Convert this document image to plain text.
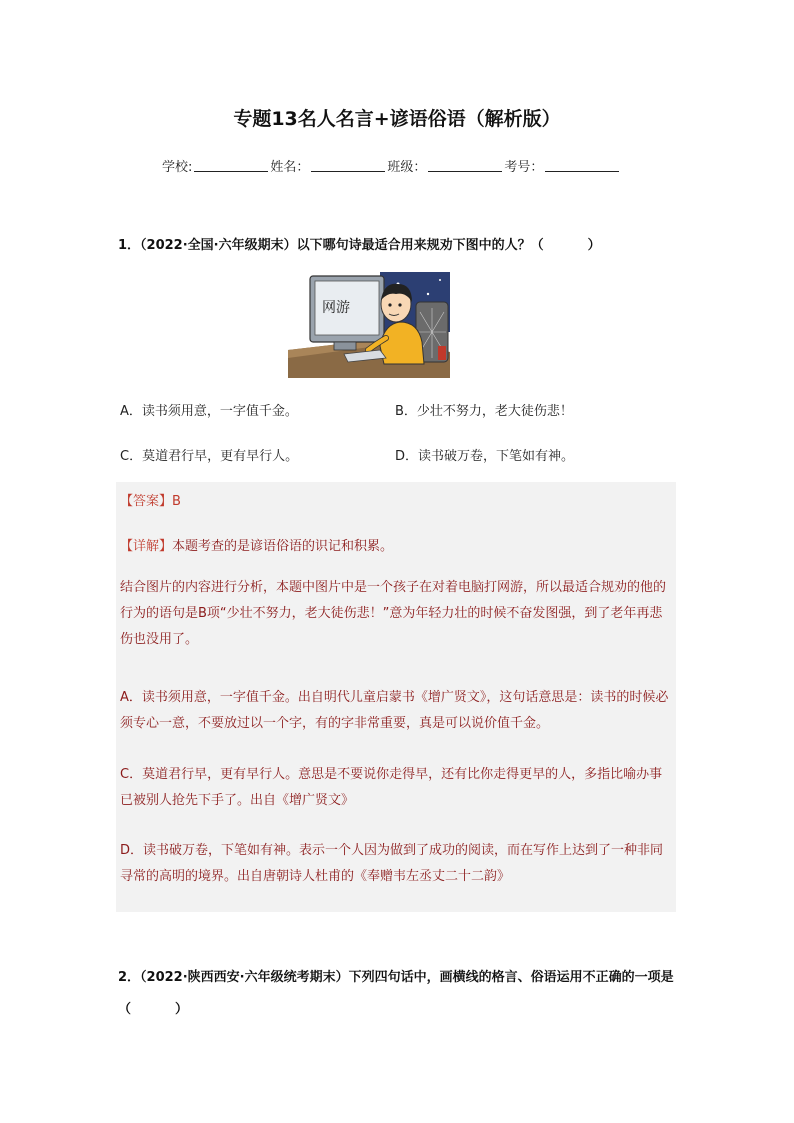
专题13名人名言+谚语俗语（解析版）
学校:	姓名：	班级：	考号：
1．（2022·全国·六年级期末）以下哪句诗最适合用来规劝下图中的人？（	）
网游
A．读书须用意，一字值千金。	B．少壮不努力，老大徒伤悲！
C．莫道君行早，更有早行人。	D．读书破万卷，下笔如有神。
【答案】B
【详解】本题考查的是谚语俗语的识记和积累。
结合图片的内容进行分析，本题中图片中是一个孩子在对着电脑打网游，所以最适合规劝的他的行为的语句是B项“少壮不努力，老大徒伤悲！”意为年轻力壮的时候不奋发图强，到了老年再悲伤也没用了。
A．读书须用意，一字值千金。出自明代儿童启蒙书《增广贤文》，这句话意思是：读书的时候必须专心一意，不要放过以一个字，有的字非常重要，真是可以说价值千金。
C．莫道君行早，更有早行人。意思是不要说你走得早，还有比你走得更早的人，多指比喻办事已被别人抢先下手了。出自《增广贤文》
D．读书破万卷，下笔如有神。表示一个人因为做到了成功的阅读，而在写作上达到了一种非同寻常的高明的境界。出自唐朝诗人杜甫的《奉赠韦左丞丈二十二韵》
2．（2022·陕西西安·六年级统考期末）下列四句话中，画横线的格言、俗语运用不正确的一项是（	）
